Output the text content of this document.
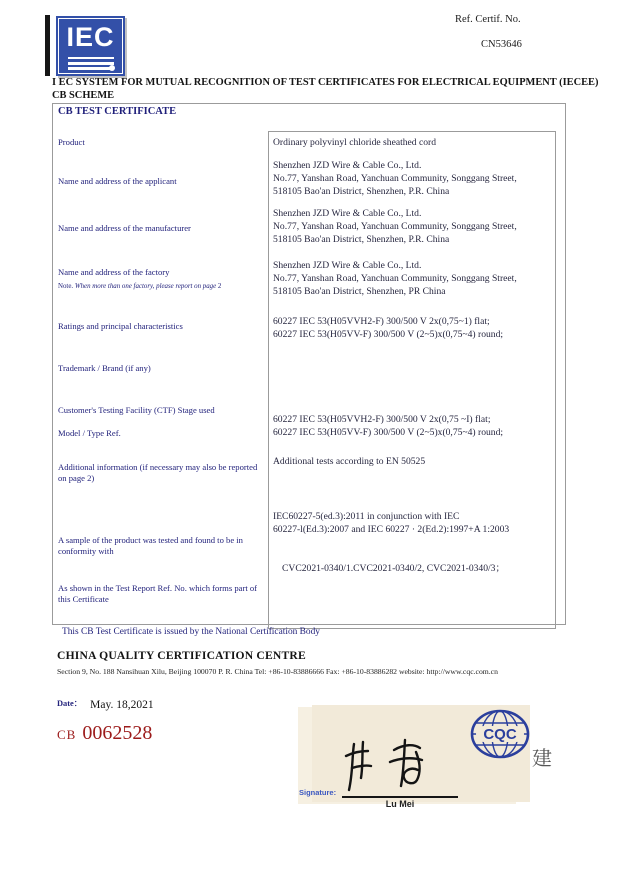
IEC
Ref. Certif. No.
CN53646
I EC SYSTEM FOR MUTUAL RECOGNITION OF TEST CERTIFICATES FOR ELECTRICAL EQUIPMENT (IECEE) CB SCHEME
CB TEST CERTIFICATE
Product
Name and address of the applicant
Name and address of the manufacturer
Name and address of the factory
Note. When more than one factory, please report on page 2
Ratings and principal characteristics
Trademark / Brand (if any)
Customer's Testing Facility (CTF) Stage used
Model / Type Ref.
Additional information (if necessary may also be reported on page 2)
A sample of the product was tested and found to be in conformity with
As shown in the Test Report Ref. No. which forms part of this Certificate
Ordinary polyvinyl chloride sheathed cord
Shenzhen JZD Wire & Cable Co., Ltd.
No.77, Yanshan Road, Yanchuan Community, Songgang Street,
518105 Bao'an District, Shenzhen, P.R. China
Shenzhen JZD Wire & Cable Co., Ltd.
No.77, Yanshan Road, Yanchuan Community, Songgang Street,
518105 Bao'an District, Shenzhen, P.R. China
Shenzhen JZD Wire & Cable Co., Ltd.
No.77, Yanshan Road, Yanchuan Community, Songgang Street,
518105 Bao'an District, Shenzhen, PR China
60227 IEC 53(H05VVH2-F) 300/500 V 2x(0,75~1) flat;
60227 IEC 53(H05VV-F) 300/500 V (2~5)x(0,75~4) round;
60227 IEC 53(H05VVH2-F) 300/500 V 2x(0,75 ~I) flat;
60227 IEC 53(H05VV-F) 300/500 V (2~5)x(0,75~4) round;
Additional tests according to EN 50525
IEC60227-5(ed.3):2011 in conjunction with IEC
60227-l(Ed.3):2007 and IEC 60227 · 2(Ed.2):1997+A 1:2003
CVC2021-0340/1.CVC2021-0340/2, CVC2021-0340/3；
This CB Test Certificate is issued by the National Certification Body
CHINA QUALITY CERTIFICATION CENTRE
Section 9, No. 188 Nansihuan Xilu, Beijing 100070 P. R. China Tel: +86-10-83886666 Fax: +86-10-83886282 website: http://www.cqc.com.cn
Date： May. 18,2021
CB 0062528	CQC
建
Signature:
Lu Mei
